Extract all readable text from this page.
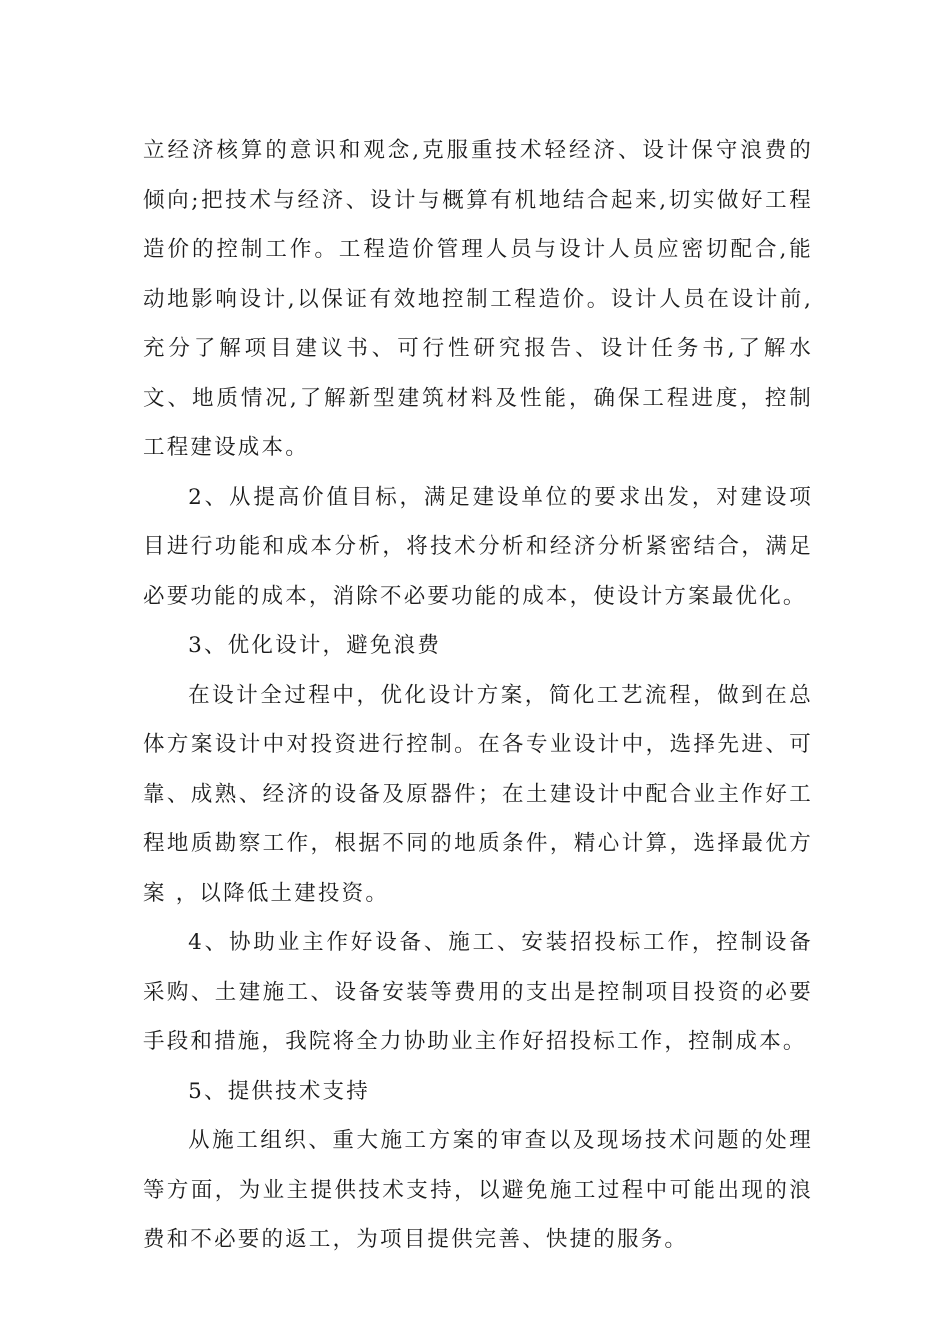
立经济核算的意识和观念,克服重技术轻经济、设计保守浪费的倾向;把技术与经济、设计与概算有机地结合起来,切实做好工程造价的控制工作。工程造价管理人员与设计人员应密切配合,能动地影响设计,以保证有效地控制工程造价。设计人员在设计前,充分了解项目建议书、可行性研究报告、设计任务书,了解水文、地质情况,了解新型建筑材料及性能，确保工程进度，控制工程建设成本。

2、从提高价值目标，满足建设单位的要求出发，对建设项目进行功能和成本分析，将技术分析和经济分析紧密结合，满足必要功能的成本，消除不必要功能的成本，使设计方案最优化。

3、优化设计，避免浪费

在设计全过程中，优化设计方案，简化工艺流程，做到在总体方案设计中对投资进行控制。在各专业设计中，选择先进、可靠、成熟、经济的设备及原器件；在土建设计中配合业主作好工程地质勘察工作，根据不同的地质条件，精心计算，选择最优方案 ，以降低土建投资。

4、协助业主作好设备、施工、安装招投标工作，控制设备采购、土建施工、设备安装等费用的支出是控制项目投资的必要手段和措施，我院将全力协助业主作好招投标工作，控制成本。

5、提供技术支持

从施工组织、重大施工方案的审查以及现场技术问题的处理等方面，为业主提供技术支持，以避免施工过程中可能出现的浪费和不必要的返工，为项目提供完善、快捷的服务。
